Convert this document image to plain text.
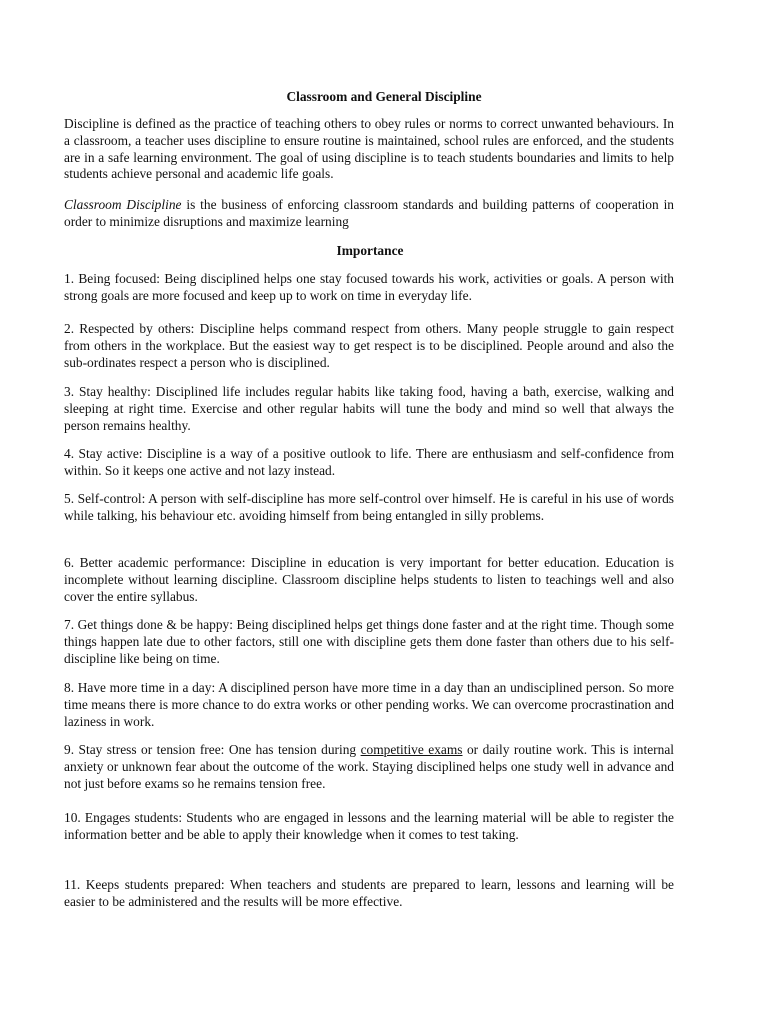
Classroom and General Discipline

Discipline is defined as the practice of teaching others to obey rules or norms to correct unwanted behaviours. In a classroom, a teacher uses discipline to ensure routine is maintained, school rules are enforced, and the students are in a safe learning environment. The goal of using discipline is to teach students boundaries and limits to help students achieve personal and academic life goals.

Classroom Discipline is the business of enforcing classroom standards and building patterns of cooperation in order to minimize disruptions and maximize learning

Importance

1. Being focused: Being disciplined helps one stay focused towards his work, activities or goals. A person with strong goals are more focused and keep up to work on time in everyday life.

2. Respected by others: Discipline helps command respect from others. Many people struggle to gain respect from others in the workplace. But the easiest way to get respect is to be disciplined. People around and also the sub-ordinates respect a person who is disciplined.

3. Stay healthy: Disciplined life includes regular habits like taking food, having a bath, exercise, walking and sleeping at right time. Exercise and other regular habits will tune the body and mind so well that always the person remains healthy.

4. Stay active: Discipline is a way of a positive outlook to life. There are enthusiasm and self-confidence from within. So it keeps one active and not lazy instead.

5. Self-control: A person with self-discipline has more self-control over himself. He is careful in his use of words while talking, his behaviour etc. avoiding himself from being entangled in silly problems.

6. Better academic performance: Discipline in education is very important for better education. Education is incomplete without learning discipline. Classroom discipline helps students to listen to teachings well and also cover the entire syllabus.

7. Get things done & be happy: Being disciplined helps get things done faster and at the right time. Though some things happen late due to other factors, still one with discipline gets them done faster than others due to his self-discipline like being on time.

8. Have more time in a day: A disciplined person have more time in a day than an undisciplined person. So more time means there is more chance to do extra works or other pending works. We can overcome procrastination and laziness in work.

9. Stay stress or tension free: One has tension during competitive exams or daily routine work. This is internal anxiety or unknown fear about the outcome of the work. Staying disciplined helps one study well in advance and not just before exams so he remains tension free.

10. Engages students: Students who are engaged in lessons and the learning material will be able to register the information better and be able to apply their knowledge when it comes to test taking.

11. Keeps students prepared: When teachers and students are prepared to learn, lessons and learning will be easier to be administered and the results will be more effective.
